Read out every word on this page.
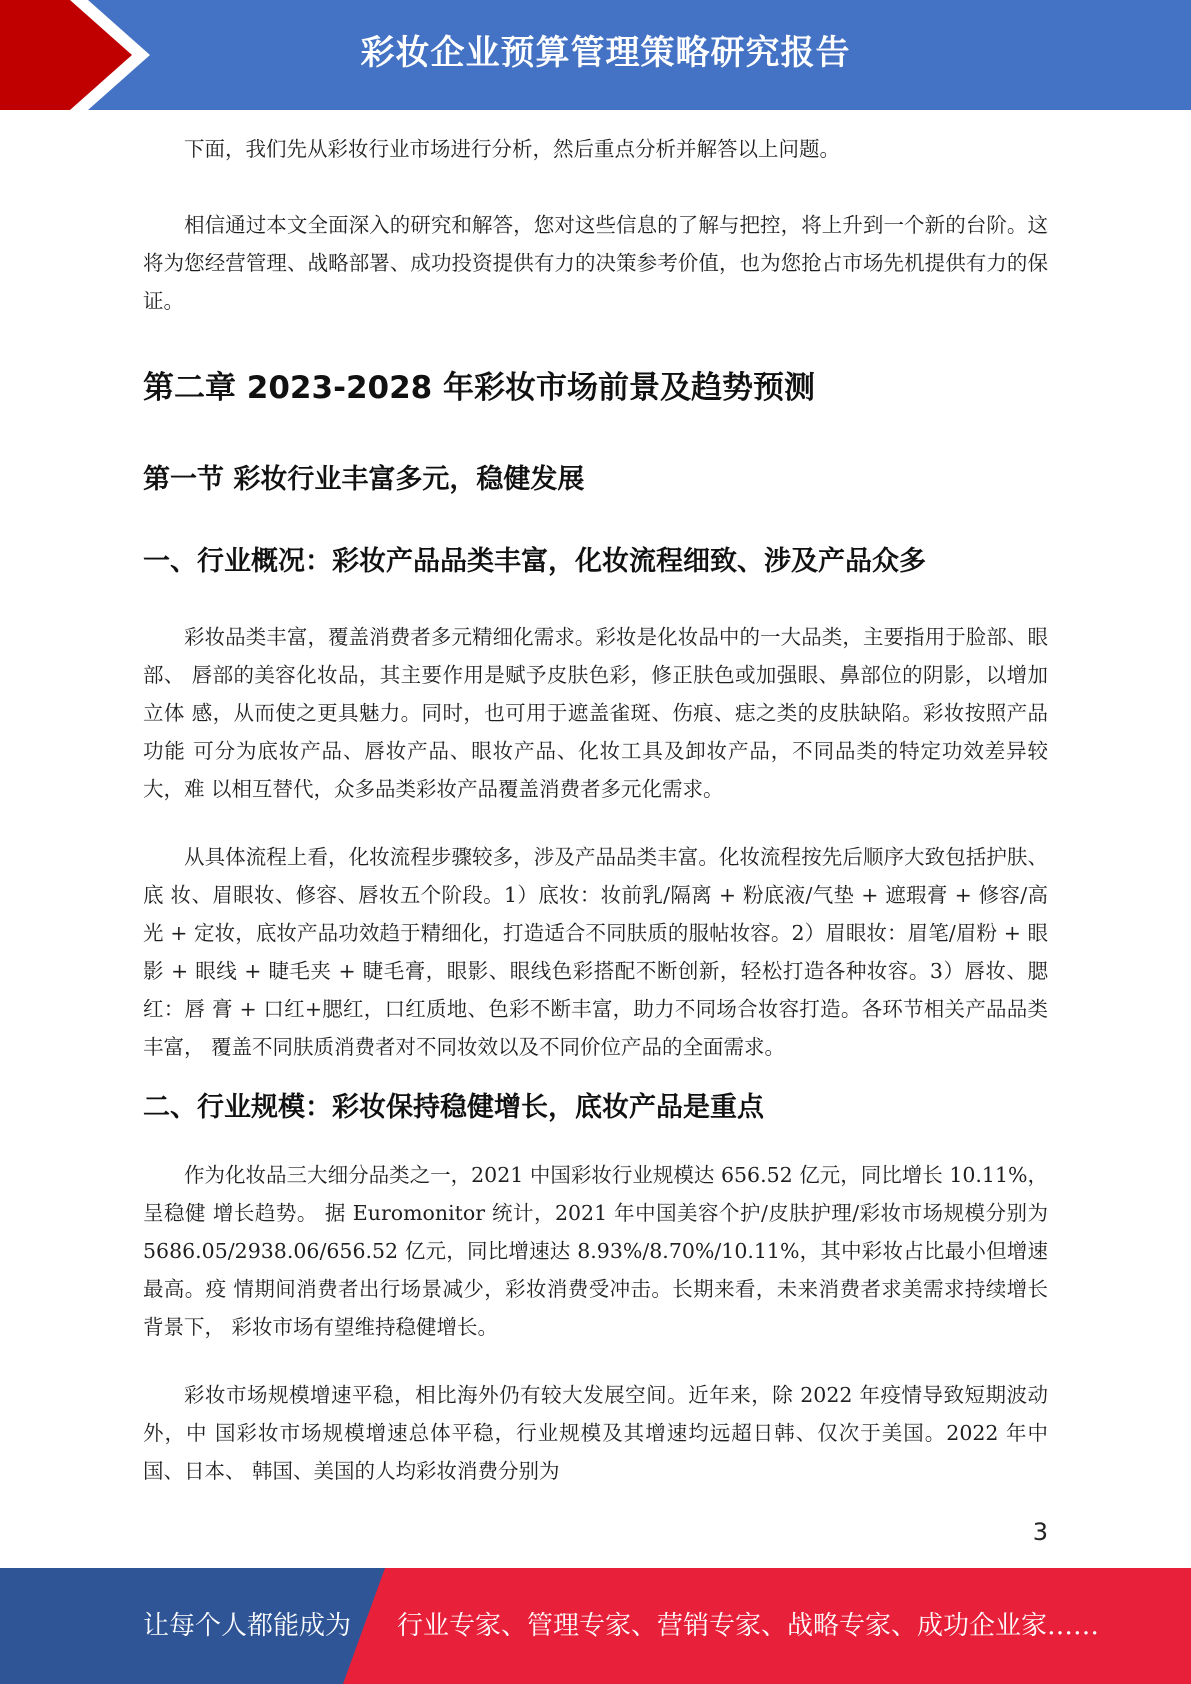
彩妆企业预算管理策略研究报告

下面，我们先从彩妆行业市场进行分析，然后重点分析并解答以上问题。

相信通过本文全面深入的研究和解答，您对这些信息的了解与把控，将上升到一个新的台阶。这将为您经营管理、战略部署、成功投资提供有力的决策参考价值，也为您抢占市场先机提供有力的保证。

第二章 2023-2028 年彩妆市场前景及趋势预测
第一节 彩妆行业丰富多元，稳健发展
一、行业概况：彩妆产品品类丰富，化妆流程细致、涉及产品众多

彩妆品类丰富，覆盖消费者多元精细化需求。彩妆是化妆品中的一大品类，主要指用于脸部、眼部、 唇部的美容化妆品，其主要作用是赋予皮肤色彩，修正肤色或加强眼、鼻部位的阴影，以增加立体 感，从而使之更具魅力。同时，也可用于遮盖雀斑、伤痕、痣之类的皮肤缺陷。彩妆按照产品功能 可分为底妆产品、唇妆产品、眼妆产品、化妆工具及卸妆产品，不同品类的特定功效差异较大，难 以相互替代，众多品类彩妆产品覆盖消费者多元化需求。

从具体流程上看，化妆流程步骤较多，涉及产品品类丰富。化妆流程按先后顺序大致包括护肤、底 妆、眉眼妆、修容、唇妆五个阶段。1）底妆：妆前乳/隔离 + 粉底液/气垫 + 遮瑕膏 + 修容/高光 + 定妆，底妆产品功效趋于精细化，打造适合不同肤质的服帖妆容。2）眉眼妆：眉笔/眉粉 + 眼影 + 眼线 + 睫毛夹 + 睫毛膏，眼影、眼线色彩搭配不断创新，轻松打造各种妆容。3）唇妆、腮红：唇 膏 + 口红+腮红，口红质地、色彩不断丰富，助力不同场合妆容打造。各环节相关产品品类丰富， 覆盖不同肤质消费者对不同妆效以及不同价位产品的全面需求。

二、行业规模：彩妆保持稳健增长，底妆产品是重点

作为化妆品三大细分品类之一，2021 中国彩妆行业规模达 656.52 亿元，同比增长 10.11%，呈稳健 增长趋势。 据 Euromonitor 统计，2021 年中国美容个护/皮肤护理/彩妆市场规模分别为 5686.05/2938.06/656.52 亿元，同比增速达 8.93%/8.70%/10.11%，其中彩妆占比最小但增速最高。疫 情期间消费者出行场景减少，彩妆消费受冲击。长期来看，未来消费者求美需求持续增长背景下， 彩妆市场有望维持稳健增长。

彩妆市场规模增速平稳，相比海外仍有较大发展空间。近年来，除 2022 年疫情导致短期波动外，中 国彩妆市场规模增速总体平稳，行业规模及其增速均远超日韩、仅次于美国。2022 年中国、日本、 韩国、美国的人均彩妆消费分别为

3
让每个人都能成为 行业专家、管理专家、营销专家、战略专家、成功企业家……
